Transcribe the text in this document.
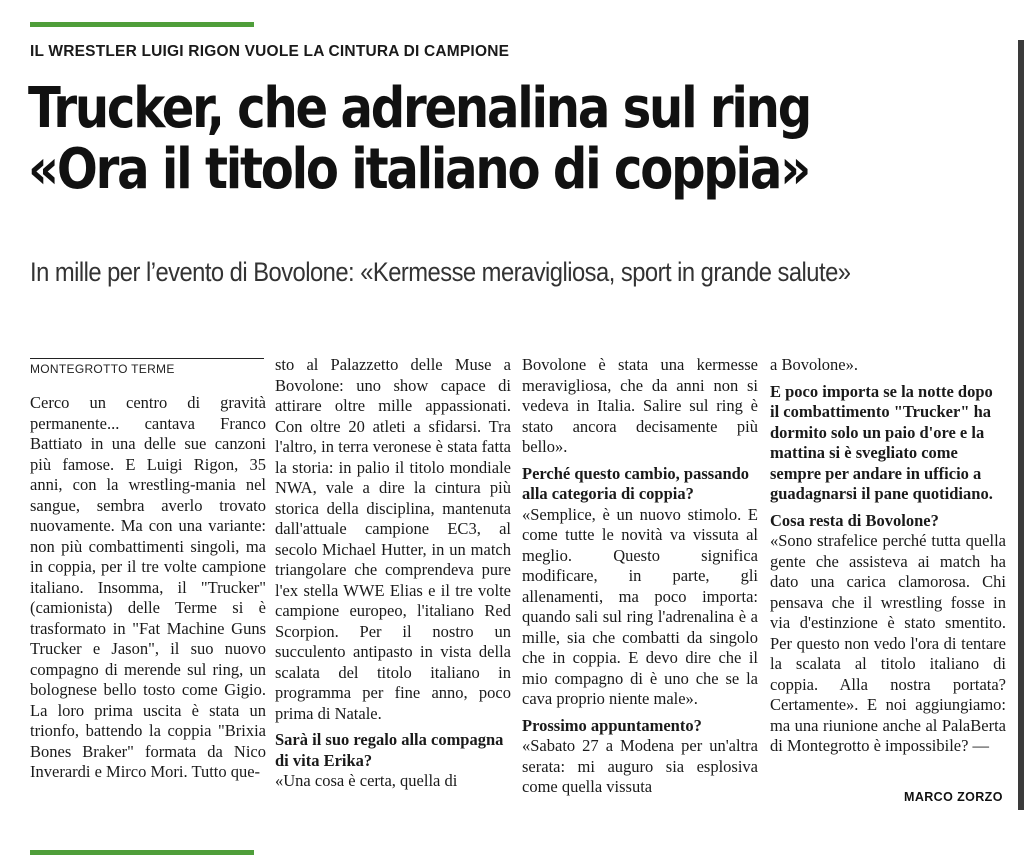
IL WRESTLER LUIGI RIGON VUOLE LA CINTURA DI CAMPIONE
Trucker, che adrenalina sul ring
«Ora il titolo italiano di coppia»
In mille per l’evento di Bovolone: «Kermesse meravigliosa, sport in grande salute»
MONTEGROTTO TERME

Cerco un centro di gravità permanente... cantava Franco Battiato in una delle sue canzoni più famose. E Luigi Rigon, 35 anni, con la wrestling-mania nel sangue, sembra averlo trovato nuovamente. Ma con una variante: non più combattimenti singoli, ma in coppia, per il tre volte campione italiano. Insomma, il "Trucker" (camionista) delle Terme si è trasformato in "Fat Machine Guns Trucker e Jason", il suo nuovo compagno di merende sul ring, un bolognese bello tosto come Gigio. La loro prima uscita è stata un trionfo, battendo la coppia "Brixia Bones Braker" formata da Nico Inverardi e Mirco Mori. Tutto que-

sto al Palazzetto delle Muse a Bovolone: uno show capace di attirare oltre mille appassionati. Con oltre 20 atleti a sfidarsi. Tra l'altro, in terra veronese è stata fatta la storia: in palio il titolo mondiale NWA, vale a dire la cintura più storica della disciplina, mantenuta dall'attuale campione EC3, al secolo Michael Hutter, in un match triangolare che comprendeva pure l'ex stella WWE Elias e il tre volte campione europeo, l'italiano Red Scorpion. Per il nostro un succulento antipasto in vista della scalata del titolo italiano in programma per fine anno, poco prima di Natale.

Sarà il suo regalo alla compagna di vita Erika?

«Una cosa è certa, quella di

Bovolone è stata una kermesse meravigliosa, che da anni non si vedeva in Italia. Salire sul ring è stato ancora decisamente più bello».

Perché questo cambio, passando alla categoria di coppia?

«Semplice, è un nuovo stimolo. E come tutte le novità va vissuta al meglio. Questo significa modificare, in parte, gli allenamenti, ma poco importa: quando sali sul ring l'adrenalina è a mille, sia che combatti da singolo che in coppia. E devo dire che il mio compagno di è uno che se la cava proprio niente male».

Prossimo appuntamento?

«Sabato 27 a Modena per un'altra serata: mi auguro sia esplosiva come quella vissuta

a Bovolone».

E poco importa se la notte dopo il combattimento "Trucker" ha dormito solo un paio d'ore e la mattina si è svegliato come sempre per andare in ufficio a guadagnarsi il pane quotidiano.

Cosa resta di Bovolone?

«Sono strafelice perché tutta quella gente che assisteva ai match ha dato una carica clamorosa. Chi pensava che il wrestling fosse in via d'estinzione è stato smentito. Per questo non vedo l'ora di tentare la scalata al titolo italiano di coppia. Alla nostra portata? Certamente». E noi aggiungiamo: ma una riunione anche al PalaBerta di Montegrotto è impossibile? —

MARCO ZORZO
